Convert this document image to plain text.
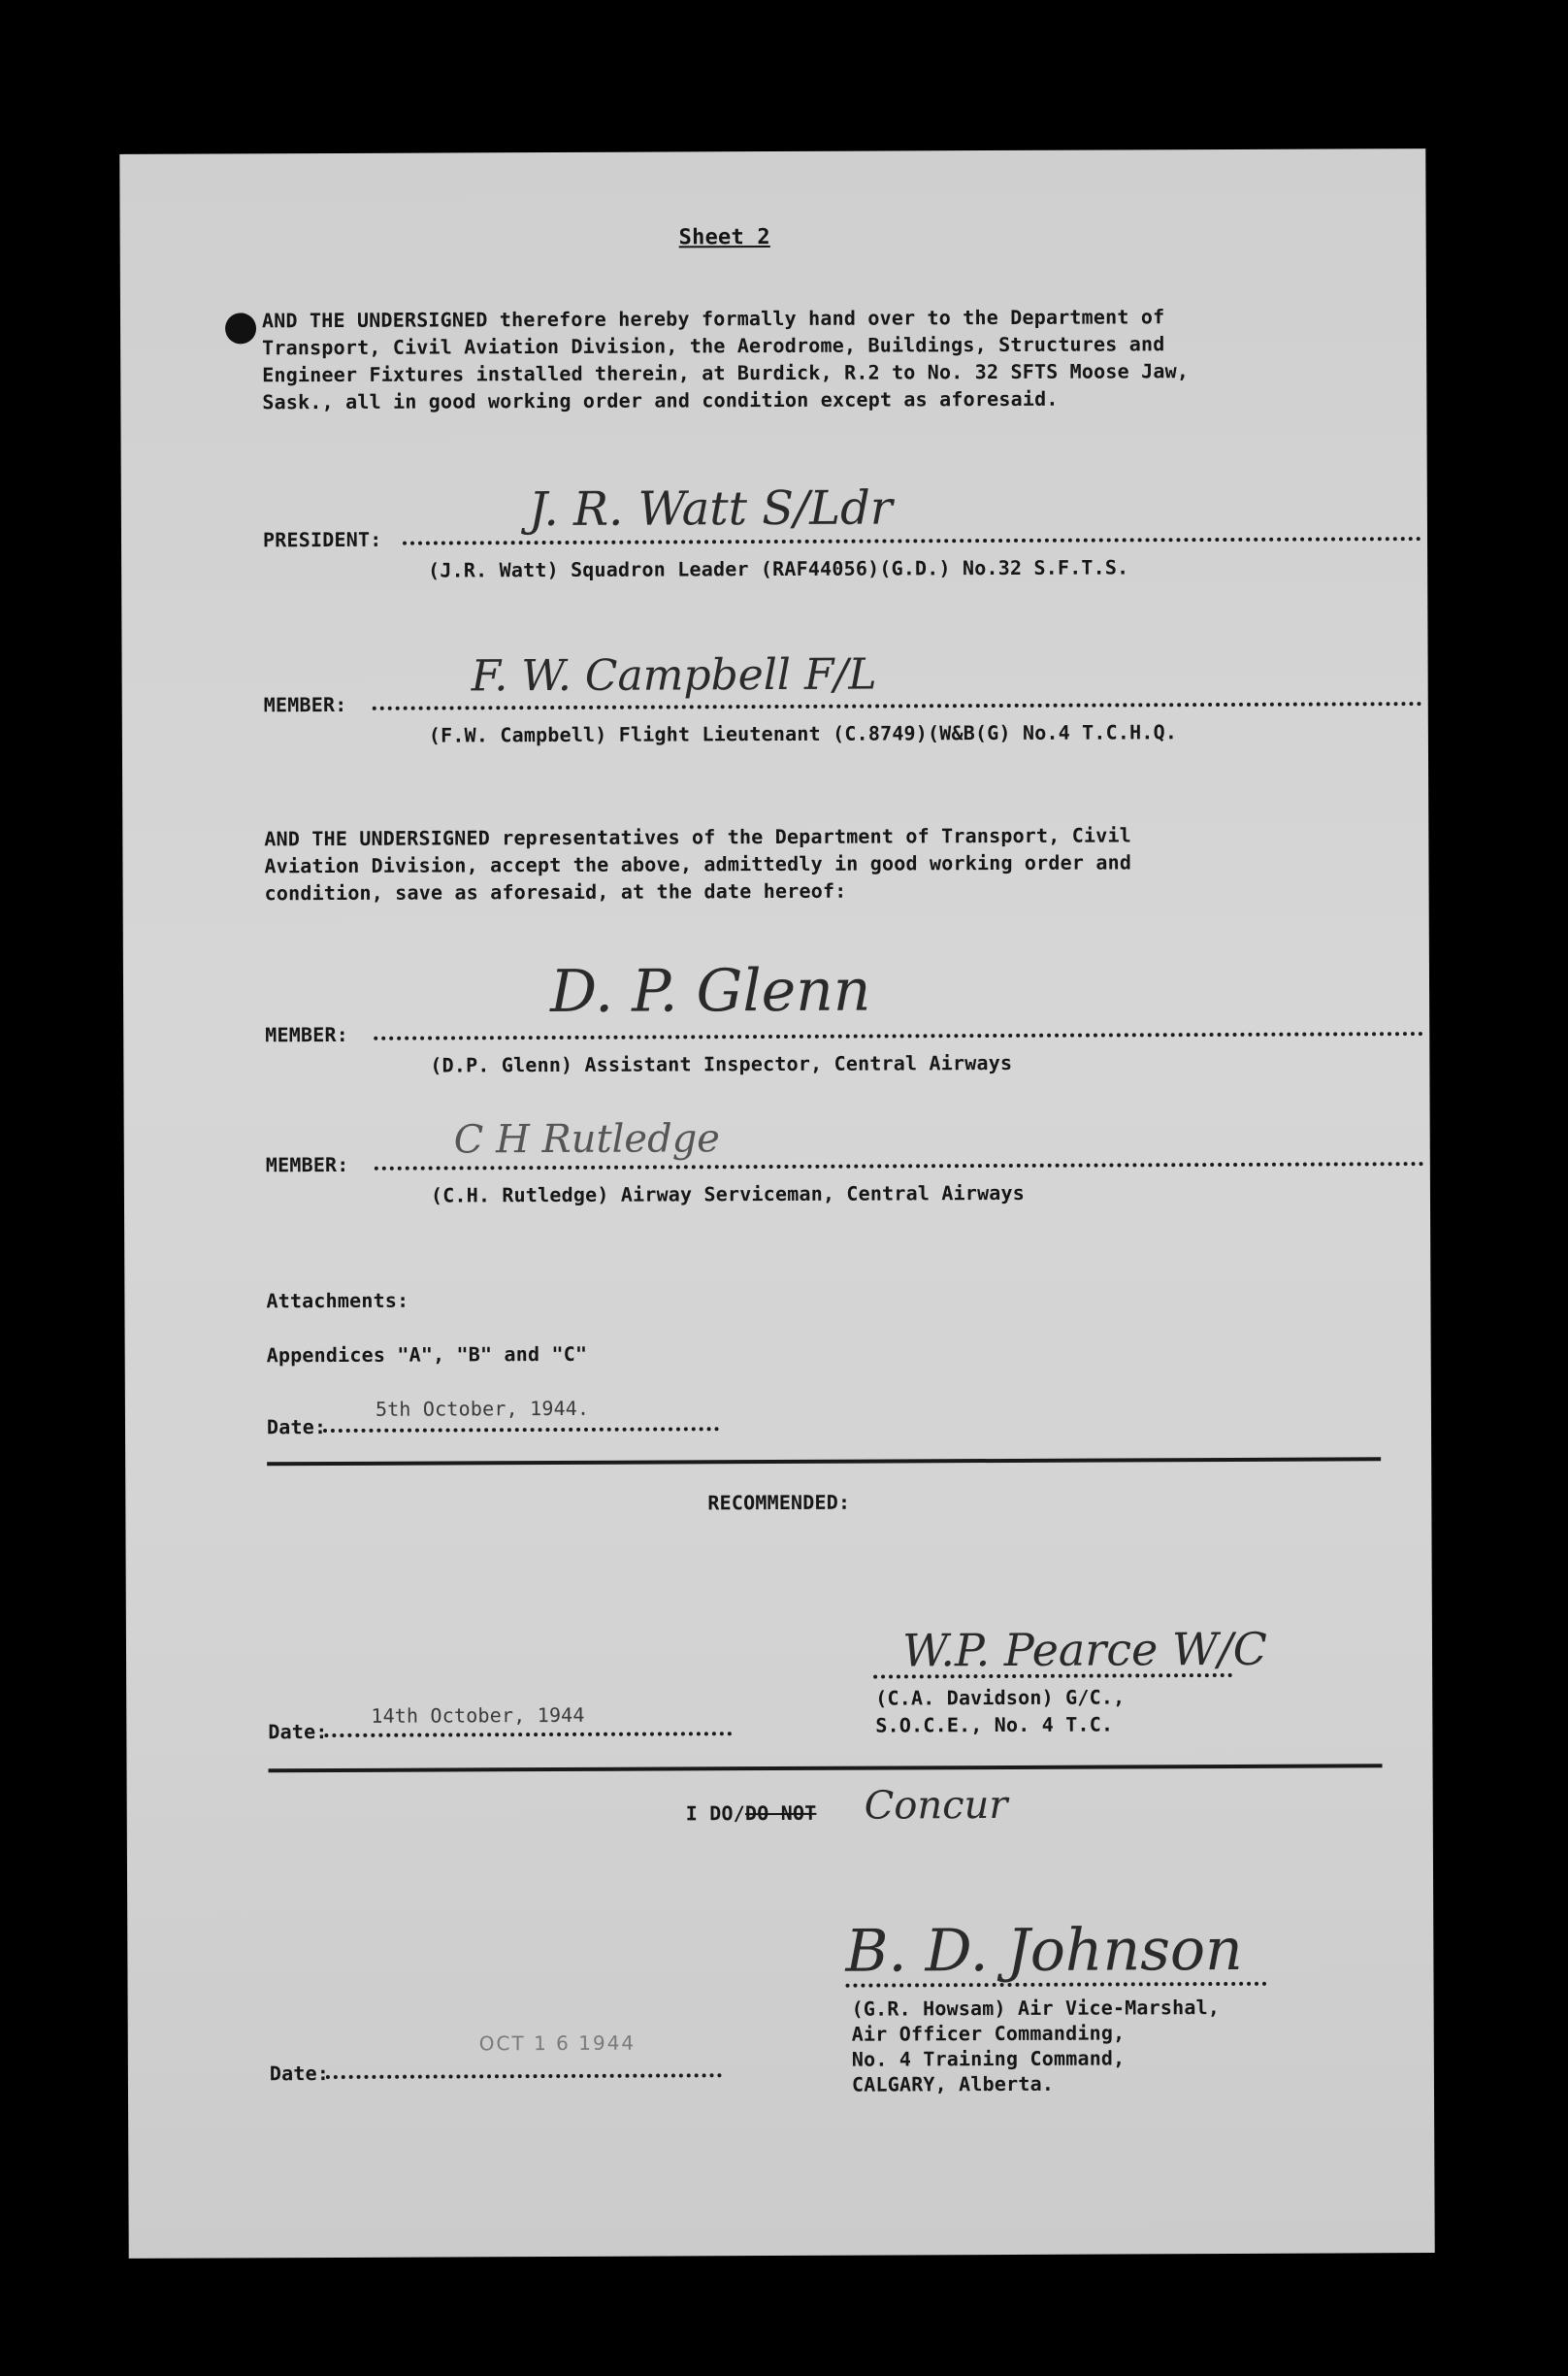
Sheet 2
AND THE UNDERSIGNED therefore hereby formally hand over to the Department of
Transport, Civil Aviation Division, the Aerodrome, Buildings, Structures and
Engineer Fixtures installed therein, at Burdick, R.2 to No. 32 SFTS Moose Jaw,
Sask., all in good working order and condition except as aforesaid.
PRESIDENT:
J. R. Watt S/Ldr
(J.R. Watt) Squadron Leader (RAF44056)(G.D.) No.32 S.F.T.S.
MEMBER:
F. W. Campbell F/L
(F.W. Campbell) Flight Lieutenant (C.8749)(W&B(G) No.4 T.C.H.Q.
AND THE UNDERSIGNED representatives of the Department of Transport, Civil
Aviation Division, accept the above, admittedly in good working order and
condition, save as aforesaid, at the date hereof:
MEMBER:
D. P. Glenn
(D.P. Glenn) Assistant Inspector, Central Airways
MEMBER:
C H Rutledge
(C.H. Rutledge) Airway Serviceman, Central Airways
Attachments:
Appendices "A", "B" and "C"
Date:
5th October, 1944.
RECOMMENDED:
W.P. Pearce W/C
(C.A. Davidson) G/C.,
S.O.C.E., No. 4 T.C.
Date:
14th October, 1944
I DO/DO NOT Concur
B. D. Johnson
(G.R. Howsam) Air Vice-Marshal,
Air Officer Commanding,
No. 4 Training Command,
CALGARY, Alberta.
Date:
OCT 1 6 1944
